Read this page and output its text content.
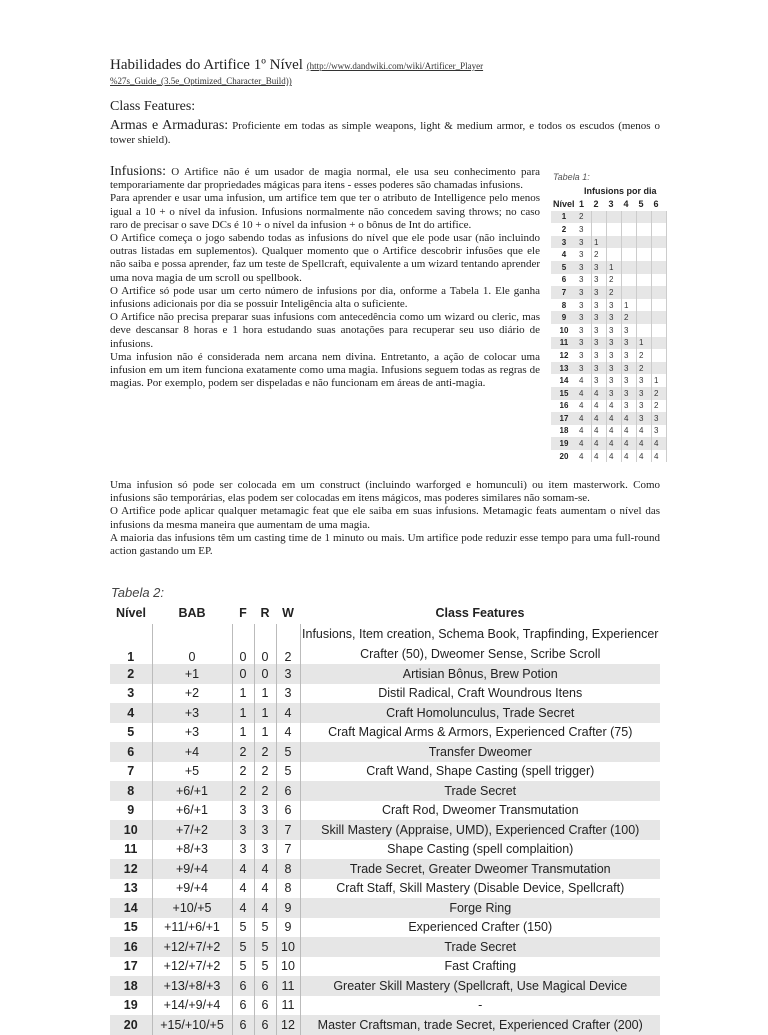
Habilidades do Artifice 1º Nível (http://www.dandwiki.com/wiki/Artificer_Player
%27s_Guide_(3.5e_Optimized_Character_Build))
Class Features:
Armas e Armaduras: Proficiente em todas as simple weapons, light & medium armor, e todos os escudos (menos o tower shield).

Infusions: O Artifice não é um usador de magia normal, ele usa seu conhecimento para temporariamente dar propriedades mágicas para itens - esses poderes são chamadas infusions.

Para aprender e usar uma infusion, um artifice tem que ter o atributo de Intelligence pelo menos igual a 10 + o nível da infusion. Infusions normalmente não concedem saving throws; no caso raro de precisar o save DCs é 10 + o nível da infusion + o bônus de Int do artifice.

O Artifice começa o jogo sabendo todas as infusions do nível que ele pode usar (não incluindo outras listadas em suplementos). Qualquer momento que o Artifice descobrir infusões que ele não saiba e possa aprender, faz um teste de Spellcraft, equivalente a um wizard tentando aprender uma nova magia de um scroll ou spellbook.

O Artifice só pode usar um certo número de infusions por dia, onforme a Tabela 1. Ele ganha infusions adicionais por dia se possuir Inteligência alta o suficiente.

O Artifice não precisa preparar suas infusions com antecedência como um wizard ou cleric, mas deve descansar 8 horas e 1 hora estudando suas anotações para recuperar seu uso diário de infusions.

Uma infusion não é considerada nem arcana nem divina. Entretanto, a ação de colocar uma infusion em um item funciona exatamente como uma magia. Infusions seguem todas as regras de magias. Por exemplo, podem ser dispeladas e não funcionam em áreas de anti-magia.

Uma infusion só pode ser colocada em um construct (incluindo warforged e homunculi) ou item masterwork. Como infusions são temporárias, elas podem ser colocadas em itens mágicos, mas poderes similares não somam-se.

O Artifice pode aplicar qualquer metamagic feat que ele saiba em suas infusions. Metamagic feats aumentam o nível das infusions da mesma maneira que aumentam de uma magia.

A maioria das infusions têm um casting time de 1 minuto ou mais. Um artifice pode reduzir esse tempo para uma full-round action gastando um EP.

Tabela 1:
Infusions por dia
Nível	1	2	3	4	5	6
1	2					
2	3					
3	3	1				
4	3	2				
5	3	3	1			
6	3	3	2			
7	3	3	2			
8	3	3	3	1		
9	3	3	3	2		
10	3	3	3	3		
11	3	3	3	3	1	
12	3	3	3	3	2	
13	3	3	3	3	2	
14	4	3	3	3	3	1
15	4	4	3	3	3	2
16	4	4	4	3	3	2
17	4	4	4	4	3	3
18	4	4	4	4	4	3
19	4	4	4	4	4	4
20	4	4	4	4	4	4
Tabela 2:
Nível	BAB	F	R	W	Class Features
1	0	0	0	2	Infusions, Item creation, Schema Book, Trapfinding, Experiencer Crafter (50), Dweomer Sense, Scribe Scroll
2	+1	0	0	3	Artisian Bônus, Brew Potion
3	+2	1	1	3	Distil Radical, Craft Woundrous Itens
4	+3	1	1	4	Craft Homolunculus, Trade Secret
5	+3	1	1	4	Craft Magical Arms & Armors, Experienced Crafter (75)
6	+4	2	2	5	Transfer Dweomer
7	+5	2	2	5	Craft Wand, Shape Casting (spell trigger)
8	+6/+1	2	2	6	Trade Secret
9	+6/+1	3	3	6	Craft Rod, Dweomer Transmutation
10	+7/+2	3	3	7	Skill Mastery (Appraise, UMD), Experienced Crafter (100)
11	+8/+3	3	3	7	Shape Casting (spell complaition)
12	+9/+4	4	4	8	Trade Secret, Greater Dweomer Transmutation
13	+9/+4	4	4	8	Craft Staff, Skill Mastery (Disable Device, Spellcraft)
14	+10/+5	4	4	9	Forge Ring
15	+11/+6/+1	5	5	9	Experienced Crafter (150)
16	+12/+7/+2	5	5	10	Trade Secret
17	+12/+7/+2	5	5	10	Fast Crafting
18	+13/+8/+3	6	6	11	Greater Skill Mastery (Spellcraft, Use Magical Device
19	+14/+9/+4	6	6	11	-
20	+15/+10/+5	6	6	12	Master Craftsman, trade Secret, Experienced Crafter (200)
